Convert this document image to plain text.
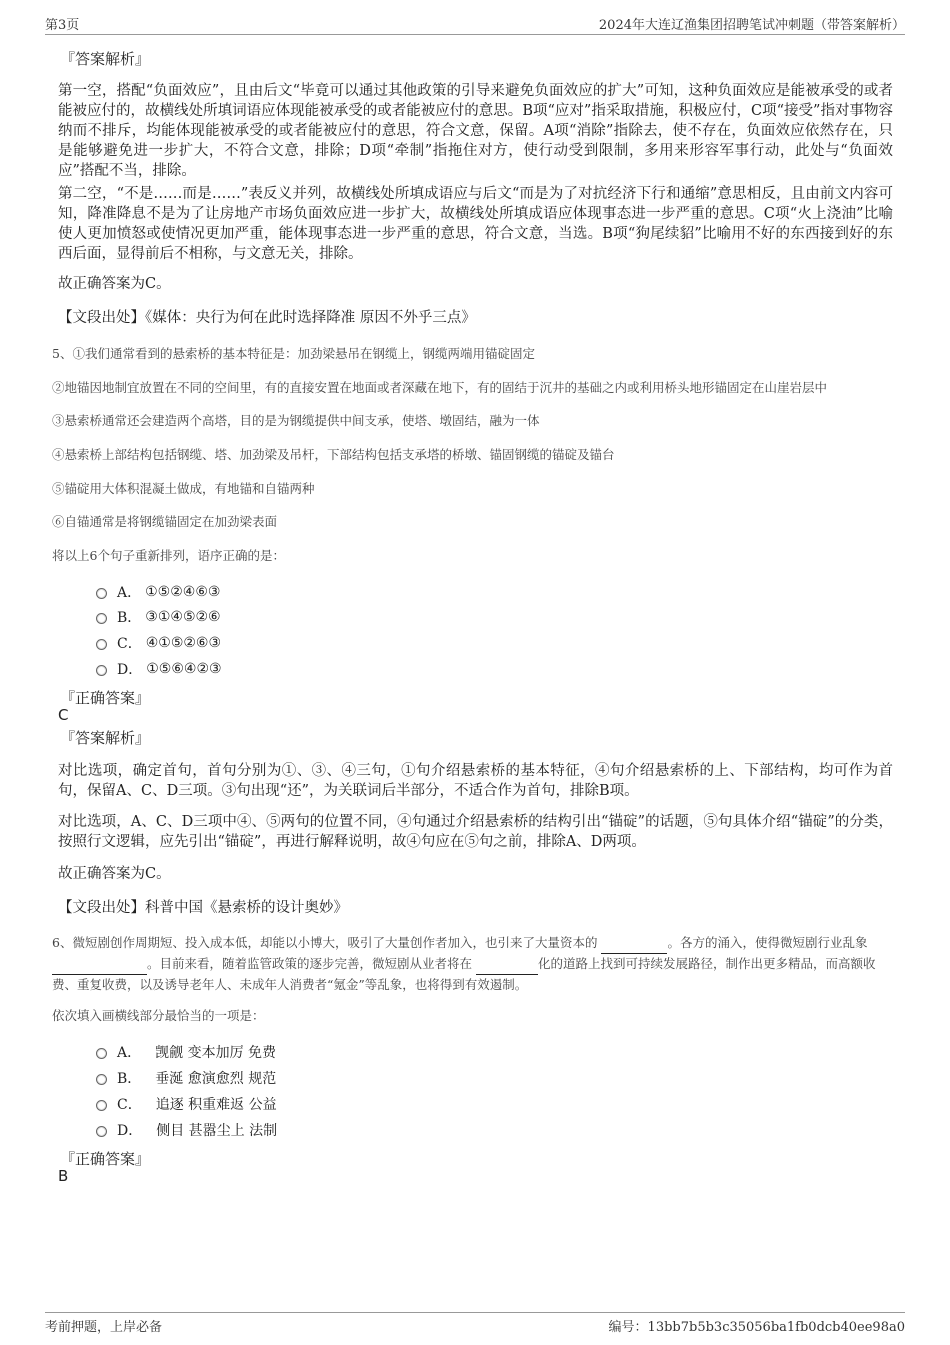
第3页	2024年大连辽渔集团招聘笔试冲刺题（带答案解析）
『答案解析』
第一空，搭配“负面效应”，且由后文“毕竟可以通过其他政策的引导来避免负面效应的扩大”可知，这种负面效应是能被承受的或者能被应付的，故横线处所填词语应体现能被承受的或者能被应付的意思。B项“应对”指采取措施，积极应付，C项“接受”指对事物容纳而不排斥，均能体现能被承受的或者能被应付的意思，符合文意，保留。A项“消除”指除去，使不存在，负面效应依然存在，只是能够避免进一步扩大，不符合文意，排除；D项“牵制”指拖住对方，使行动受到限制，多用来形容军事行动，此处与“负面效应”搭配不当，排除。
第二空，“不是……而是……”表反义并列，故横线处所填成语应与后文“而是为了对抗经济下行和通缩”意思相反，且由前文内容可知，降准降息不是为了让房地产市场负面效应进一步扩大，故横线处所填成语应体现事态进一步严重的意思。C项“火上浇油”比喻使人更加愤怒或使情况更加严重，能体现事态进一步严重的意思，符合文意，当选。B项“狗尾续貂”比喻用不好的东西接到好的东西后面，显得前后不相称，与文意无关，排除。
故正确答案为C。
【文段出处】《媒体：央行为何在此时选择降准 原因不外乎三点》
5、①我们通常看到的悬索桥的基本特征是：加劲梁悬吊在钢缆上，钢缆两端用锚碇固定
②地锚因地制宜放置在不同的空间里，有的直接安置在地面或者深藏在地下，有的固结于沉井的基础之内或利用桥头地形锚固定在山崖岩层中
③悬索桥通常还会建造两个高塔，目的是为钢缆提供中间支承，使塔、墩固结，融为一体
④悬索桥上部结构包括钢缆、塔、加劲梁及吊杆，下部结构包括支承塔的桥墩、锚固钢缆的锚碇及锚台
⑤锚碇用大体积混凝土做成，有地锚和自锚两种
⑥自锚通常是将钢缆锚固定在加劲梁表面
将以上6个句子重新排列，语序正确的是：
A． ①⑤②④⑥③
B． ③①④⑤②⑥
C． ④①⑤②⑥③
D． ①⑤⑥④②③
『正确答案』
C
『答案解析』
对比选项，确定首句，首句分别为①、③、④三句，①句介绍悬索桥的基本特征，④句介绍悬索桥的上、下部结构，均可作为首句，保留A、C、D三项。③句出现“还”，为关联词后半部分，不适合作为首句，排除B项。
对比选项，A、C、D三项中④、⑤两句的位置不同，④句通过介绍悬索桥的结构引出“锚碇”的话题，⑤句具体介绍“锚碇”的分类，按照行文逻辑，应先引出“锚碇”，再进行解释说明，故④句应在⑤句之前，排除A、D两项。
故正确答案为C。
【文段出处】科普中国《悬索桥的设计奥妙》
6、微短剧创作周期短、投入成本低，却能以小博大，吸引了大量创作者加入，也引来了大量资本的	。各方的涌入，使得微短剧行业乱象  。目前来看，随着监管政策的逐步完善，微短剧从业者将在	化的道路上找到可持续发展路径，制作出更多精品，而高额收费、重复收费，以及诱导老年人、未成年人消费者“氪金”等乱象，也将得到有效遏制。
依次填入画横线部分最恰当的一项是：
A． 觊觎 变本加厉 免费
B． 垂涎 愈演愈烈 规范
C． 追逐 积重难返 公益
D． 侧目 甚嚣尘上 法制
『正确答案』
B
考前押题，上岸必备	编号：13bb7b5b3c35056ba1fb0dcb40ee98a0
